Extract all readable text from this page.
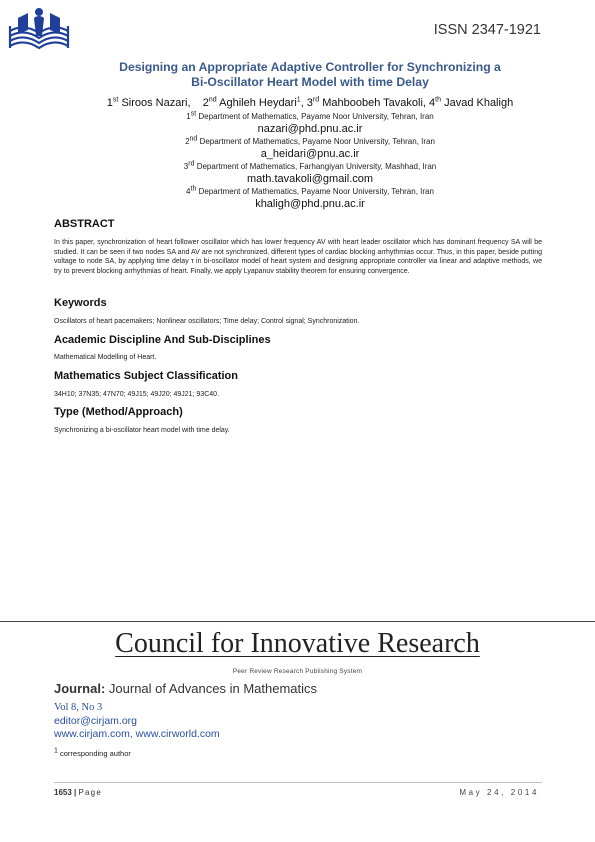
ISSN 2347-1921
Designing an Appropriate Adaptive Controller for Synchronizing a
Bi-Oscillator Heart Model with time Delay
1st Siroos Nazari, 2nd Aghileh Heydari$^1$, 3rd Mahboobeh Tavakoli, 4th Javad Khaligh
1st Department of Mathematics, Payame Noor University, Tehran, Iran
nazari@phd.pnu.ac.ir
2nd Department of Mathematics, Payame Noor University, Tehran, Iran
a_heidari@pnu.ac.ir
3rd Department of Mathematics, Farhangiyan University, Mashhad, Iran
math.tavakoli@gmail.com
4th Department of Mathematics, Payame Noor University, Tehran, Iran
khaligh@phd.pnu.ac.ir
ABSTRACT
In this paper, synchronization of heart follower oscillator which has lower frequency AV with heart leader oscillator which has dominant frequency SA will be studied. It can be seen if two nodes SA and AV are not synchronized, different types of cardiac blocking arrhythmias occur. Thus, in this paper, beside putting voltage to node SA, by applying time delay τ in bi-oscillator model of heart system and designing appropriate controller via linear and adaptive methods, we try to prevent blocking arrhythmias of heart. Finally, we apply Lyapanuv stability theorem for ensuring convergence.
Keywords
Oscillators of heart pacemakers; Nonlinear oscillators; Time delay; Control signal; Synchronization.
Academic Discipline And Sub-Disciplines
Mathematical Modelling of Heart.
Mathematics Subject Classification
34H10; 37N35; 47N70; 49J15; 49J20; 49J21; 93C40.
Type (Method/Approach)
Synchronizing a bi-oscillator heart model with time delay.
Council for Innovative Research
Peer Review Research Publishing System
Journal: Journal of Advances in Mathematics
Vol 8, No 3
editor@cirjam.org
www.cirjam.com, www.cirworld.com
$^1$ corresponding author
1653 | Page	May 24, 2014
